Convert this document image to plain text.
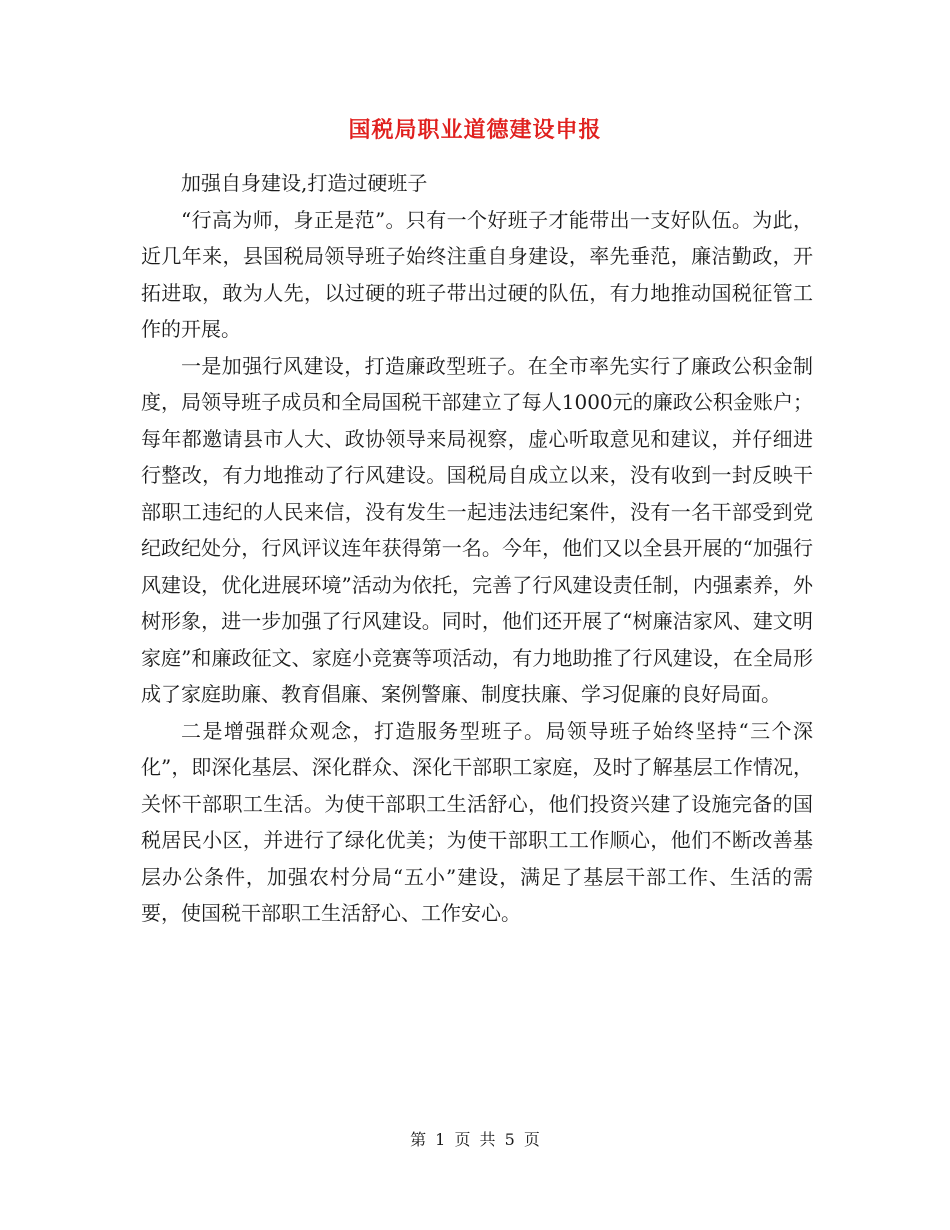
国税局职业道德建设申报

加强自身建设,打造过硬班子

“行高为师，身正是范”。只有一个好班子才能带出一支好队伍。为此，近几年来，县国税局领导班子始终注重自身建设，率先垂范，廉洁勤政，开拓进取，敢为人先，以过硬的班子带出过硬的队伍，有力地推动国税征管工作的开展。

一是加强行风建设，打造廉政型班子。在全市率先实行了廉政公积金制度，局领导班子成员和全局国税干部建立了每人1000元的廉政公积金账户；每年都邀请县市人大、政协领导来局视察，虚心听取意见和建议，并仔细进行整改，有力地推动了行风建设。国税局自成立以来，没有收到一封反映干部职工违纪的人民来信，没有发生一起违法违纪案件，没有一名干部受到党纪政纪处分，行风评议连年获得第一名。今年，他们又以全县开展的“加强行风建设，优化进展环境”活动为依托，完善了行风建设责任制，内强素养，外树形象，进一步加强了行风建设。同时，他们还开展了“树廉洁家风、建文明家庭”和廉政征文、家庭小竞赛等项活动，有力地助推了行风建设，在全局形成了家庭助廉、教育倡廉、案例警廉、制度扶廉、学习促廉的良好局面。

二是增强群众观念，打造服务型班子。局领导班子始终坚持“三个深化”，即深化基层、深化群众、深化干部职工家庭，及时了解基层工作情况，关怀干部职工生活。为使干部职工生活舒心，他们投资兴建了设施完备的国税居民小区，并进行了绿化优美；为使干部职工工作顺心，他们不断改善基层办公条件，加强农村分局“五小”建设，满足了基层干部工作、生活的需要，使国税干部职工生活舒心、工作安心。

第 1 页 共 5 页
